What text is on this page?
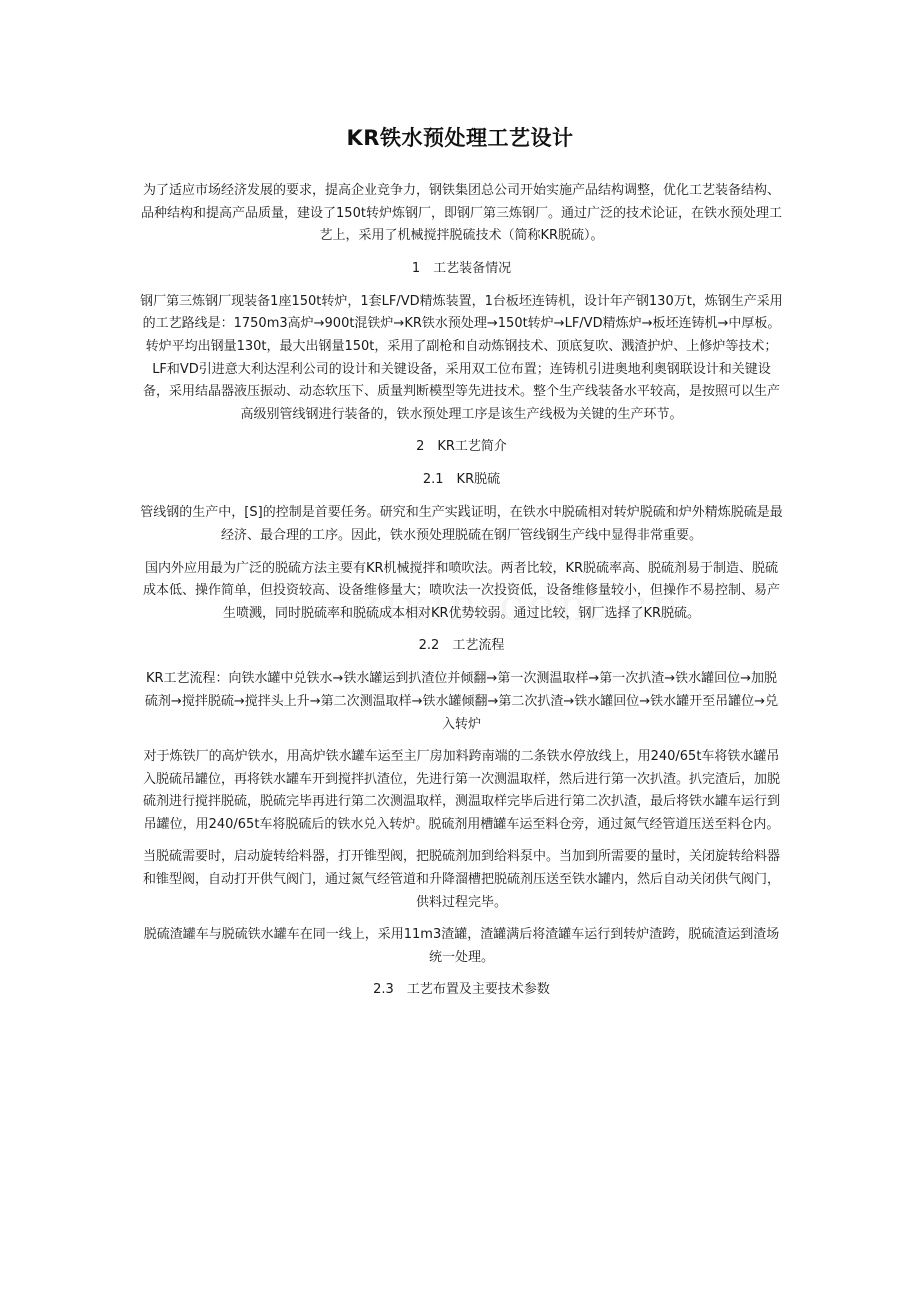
KR铁水预处理工艺设计

为了适应市场经济发展的要求，提高企业竞争力，钢铁集团总公司开始实施产品结构调整，优化工艺装备结构、品种结构和提高产品质量，建设了150t转炉炼钢厂，即钢厂第三炼钢厂。通过广泛的技术论证，在铁水预处理工艺上，采用了机械搅拌脱硫技术（简称KR脱硫）。

1　工艺装备情况

钢厂第三炼钢厂现装备1座150t转炉，1套LF/VD精炼装置，1台板坯连铸机，设计年产钢130万t，炼钢生产采用的工艺路线是：1750m3高炉→900t混铁炉→KR铁水预处理→150t转炉→LF/VD精炼炉→板坯连铸机→中厚板。转炉平均出钢量130t，最大出钢量150t，采用了副枪和自动炼钢技术、顶底复吹、溅渣护炉、上修炉等技术；LF和VD引进意大利达涅利公司的设计和关键设备，采用双工位布置；连铸机引进奥地利奥钢联设计和关键设备，采用结晶器液压振动、动态软压下、质量判断模型等先进技术。整个生产线装备水平较高，是按照可以生产高级别管线钢进行装备的，铁水预处理工序是该生产线极为关键的生产环节。

2　KR工艺简介

2.1　KR脱硫

管线钢的生产中，[S]的控制是首要任务。研究和生产实践证明，在铁水中脱硫相对转炉脱硫和炉外精炼脱硫是最经济、最合理的工序。因此，铁水预处理脱硫在钢厂管线钢生产线中显得非常重要。

国内外应用最为广泛的脱硫方法主要有KR机械搅拌和喷吹法。两者比较，KR脱硫率高、脱硫剂易于制造、脱硫成本低、操作简单，但投资较高、设备维修量大；喷吹法一次投资低，设备维修量较小，但操作不易控制、易产生喷溅，同时脱硫率和脱硫成本相对KR优势较弱。通过比较，钢厂选择了KR脱硫。

2.2　工艺流程

KR工艺流程：向铁水罐中兑铁水→铁水罐运到扒渣位并倾翻→第一次测温取样→第一次扒渣→铁水罐回位→加脱硫剂→搅拌脱硫→搅拌头上升→第二次测温取样→铁水罐倾翻→第二次扒渣→铁水罐回位→铁水罐开至吊罐位→兑入转炉

对于炼铁厂的高炉铁水，用高炉铁水罐车运至主厂房加料跨南端的二条铁水停放线上，用240/65t车将铁水罐吊入脱硫吊罐位，再将铁水罐车开到搅拌扒渣位，先进行第一次测温取样，然后进行第一次扒渣。扒完渣后，加脱硫剂进行搅拌脱硫，脱硫完毕再进行第二次测温取样，测温取样完毕后进行第二次扒渣，最后将铁水罐车运行到吊罐位，用240/65t车将脱硫后的铁水兑入转炉。脱硫剂用槽罐车运至料仓旁，通过氮气经管道压送至料仓内。

当脱硫需要时，启动旋转给料器，打开锥型阀，把脱硫剂加到给料泵中。当加到所需要的量时，关闭旋转给料器和锥型阀，自动打开供气阀门，通过氮气经管道和升降溜槽把脱硫剂压送至铁水罐内，然后自动关闭供气阀门，供料过程完毕。

脱硫渣罐车与脱硫铁水罐车在同一线上，采用11m3渣罐，渣罐满后将渣罐车运行到转炉渣跨，脱硫渣运到渣场统一处理。

2.3　工艺布置及主要技术参数
